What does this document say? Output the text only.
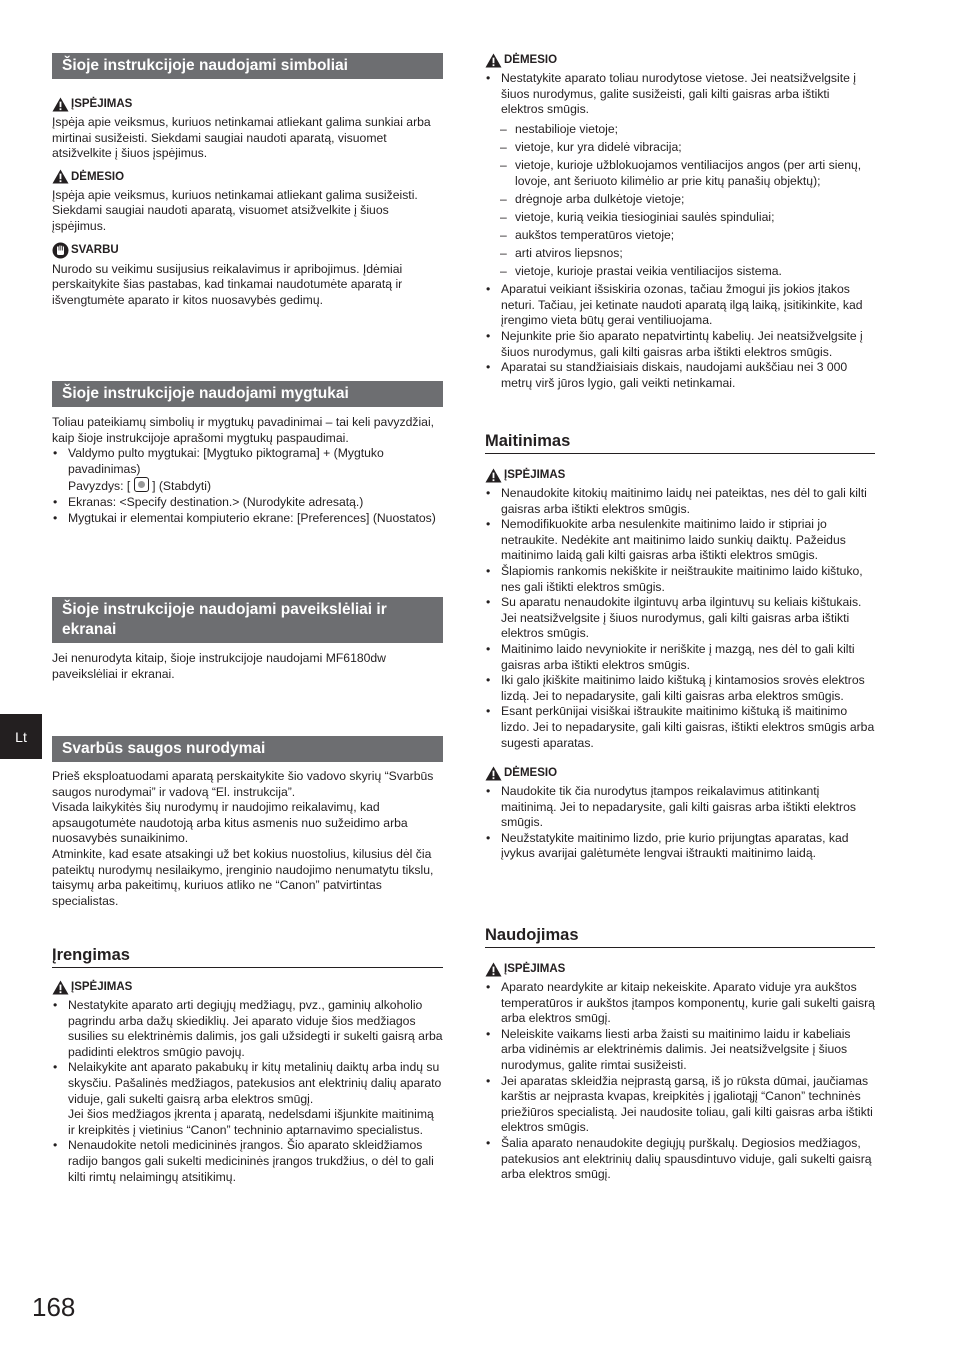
Šioje instrukcijoje naudojami simboliai
ĮSPĖJIMAS

Įspėja apie veiksmus, kuriuos netinkamai atliekant galima sunkiai arba mirtinai susižeisti. Siekdami saugiai naudoti aparatą, visuomet atsižvelkite į šiuos įspėjimus.

DĖMESIO

Įspėja apie veiksmus, kuriuos netinkamai atliekant galima susižeisti. Siekdami saugiai naudoti aparatą, visuomet atsižvelkite į šiuos įspėjimus.

SVARBU

Nurodo su veikimu susijusius reikalavimus ir apribojimus. Įdėmiai perskaitykite šias pastabas, kad tinkamai naudotumėte aparatą ir išvengtumėte aparato ir kitos nuosavybės gedimų.

Šioje instrukcijoje naudojami mygtukai

Toliau pateikiamų simbolių ir mygtukų pavadinimai – tai keli pavyzdžiai, kaip šioje instrukcijoje aprašomi mygtukų paspaudimai.

• Valdymo pulto mygtukai: [Mygtuko piktograma] + (Mygtuko pavadinimas)
Pavyzdys: [ ] (Stabdyti)
• Ekranas: <Specify destination.> (Nurodykite adresatą.)
• Mygtukai ir elementai kompiuterio ekrane: [Preferences] (Nuostatos)
Šioje instrukcijoje naudojami paveikslėliai ir ekranai

Jei nenurodyta kitaip, šioje instrukcijoje naudojami MF6180dw paveikslėliai ir ekranai.

Svarbūs saugos nurodymai

Prieš eksploatuodami aparatą perskaitykite šio vadovo skyrių “Svarbūs saugos nurodymai” ir vadovą “El. instrukcija”.

Visada laikykitės šių nurodymų ir naudojimo reikalavimų, kad apsaugotumėte naudotoją arba kitus asmenis nuo sužeidimo arba nuosavybės sunaikinimo.

Atminkite, kad esate atsakingi už bet kokius nuostolius, kilusius dėl čia pateiktų nurodymų nesilaikymo, įrenginio naudojimo nenumatytu tikslu, taisymų arba pakeitimų, kuriuos atliko ne “Canon” patvirtintas specialistas.

Įrengimas
ĮSPĖJIMAS
• Nestatykite aparato arti degiųjų medžiagų, pvz., gaminių alkoholio pagrindu arba dažų skiediklių. Jei aparato viduje šios medžiagos susilies su elektrinėmis dalimis, jos gali užsidegti ir sukelti gaisrą arba padidinti elektros smūgio pavojų.
• Nelaikykite ant aparato pakabukų ir kitų metalinių daiktų arba indų su skysčiu. Pašalinės medžiagos, patekusios ant elektrinių dalių aparato viduje, gali sukelti gaisrą arba elektros smūgį.
Jei šios medžiagos įkrenta į aparatą, nedelsdami išjunkite maitinimą ir kreipkitės į vietinius “Canon” techninio aptarnavimo specialistus.
• Nenaudokite netoli medicininės įrangos. Šio aparato skleidžiamos radijo bangos gali sukelti medicininės įrangos trukdžius, o dėl to gali kilti rimtų nelaimingų atsitikimų.
DĖMESIO
• Nestatykite aparato toliau nurodytose vietose. Jei neatsižvelgsite į šiuos nurodymus, galite susižeisti, gali kilti gaisras arba ištikti elektros smūgis.
– nestabilioje vietoje;
– vietoje, kur yra didelė vibracija;
– vietoje, kurioje užblokuojamos ventiliacijos angos (per arti sienų, lovoje, ant šeriuoto kilimėlio ar prie kitų panašių objektų);
– drėgnoje arba dulkėtoje vietoje;
– vietoje, kurią veikia tiesioginiai saulės spinduliai;
– aukštos temperatūros vietoje;
– arti atviros liepsnos;
– vietoje, kurioje prastai veikia ventiliacijos sistema.
• Aparatui veikiant išsiskiria ozonas, tačiau žmogui jis jokios įtakos neturi. Tačiau, jei ketinate naudoti aparatą ilgą laiką, įsitikinkite, kad įrengimo vieta būtų gerai ventiliuojama.
• Nejunkite prie šio aparato nepatvirtintų kabelių. Jei neatsižvelgsite į šiuos nurodymus, gali kilti gaisras arba ištikti elektros smūgis.
• Aparatai su standžiaisiais diskais, naudojami aukščiau nei 3 000 metrų virš jūros lygio, gali veikti netinkamai.
Maitinimas
ĮSPĖJIMAS
• Nenaudokite kitokių maitinimo laidų nei pateiktas, nes dėl to gali kilti gaisras arba ištikti elektros smūgis.
• Nemodifikuokite arba nesulenkite maitinimo laido ir stipriai jo netraukite. Nedėkite ant maitinimo laido sunkių daiktų. Pažeidus maitinimo laidą gali kilti gaisras arba ištikti elektros smūgis.
• Šlapiomis rankomis nekiškite ir neištraukite maitinimo laido kištuko, nes gali ištikti elektros smūgis.
• Su aparatu nenaudokite ilgintuvų arba ilgintuvų su keliais kištukais. Jei neatsižvelgsite į šiuos nurodymus, gali kilti gaisras arba ištikti elektros smūgis.
• Maitinimo laido nevyniokite ir neriškite į mazgą, nes dėl to gali kilti gaisras arba ištikti elektros smūgis.
• Iki galo įkiškite maitinimo laido kištuką į kintamosios srovės elektros lizdą. Jei to nepadarysite, gali kilti gaisras arba elektros smūgis.
• Esant perkūnijai visiškai ištraukite maitinimo kištuką iš maitinimo lizdo. Jei to nepadarysite, gali kilti gaisras, ištikti elektros smūgis arba sugesti aparatas.
DĖMESIO
• Naudokite tik čia nurodytus įtampos reikalavimus atitinkantį maitinimą. Jei to nepadarysite, gali kilti gaisras arba ištikti elektros smūgis.
• Neužstatykite maitinimo lizdo, prie kurio prijungtas aparatas, kad įvykus avarijai galėtumėte lengvai ištraukti maitinimo laidą.
Naudojimas
ĮSPĖJIMAS
• Aparato neardykite ar kitaip nekeiskite. Aparato viduje yra aukštos temperatūros ir aukštos įtampos komponentų, kurie gali sukelti gaisrą arba elektros smūgį.
• Neleiskite vaikams liesti arba žaisti su maitinimo laidu ir kabeliais arba vidinėmis ar elektrinėmis dalimis. Jei neatsižvelgsite į šiuos nurodymus, galite rimtai susižeisti.
• Jei aparatas skleidžia neįprastą garsą, iš jo rūksta dūmai, jaučiamas karštis ar neįprasta kvapas, kreipkitės į įgaliotąjį “Canon” techninės priežiūros specialistą. Jei naudosite toliau, gali kilti gaisras arba ištikti elektros smūgis.
• Šalia aparato nenaudokite degiųjų purškalų. Degiosios medžiagos, patekusios ant elektrinių dalių spausdintuvo viduje, gali sukelti gaisrą arba elektros smūgį.
Lt
168
